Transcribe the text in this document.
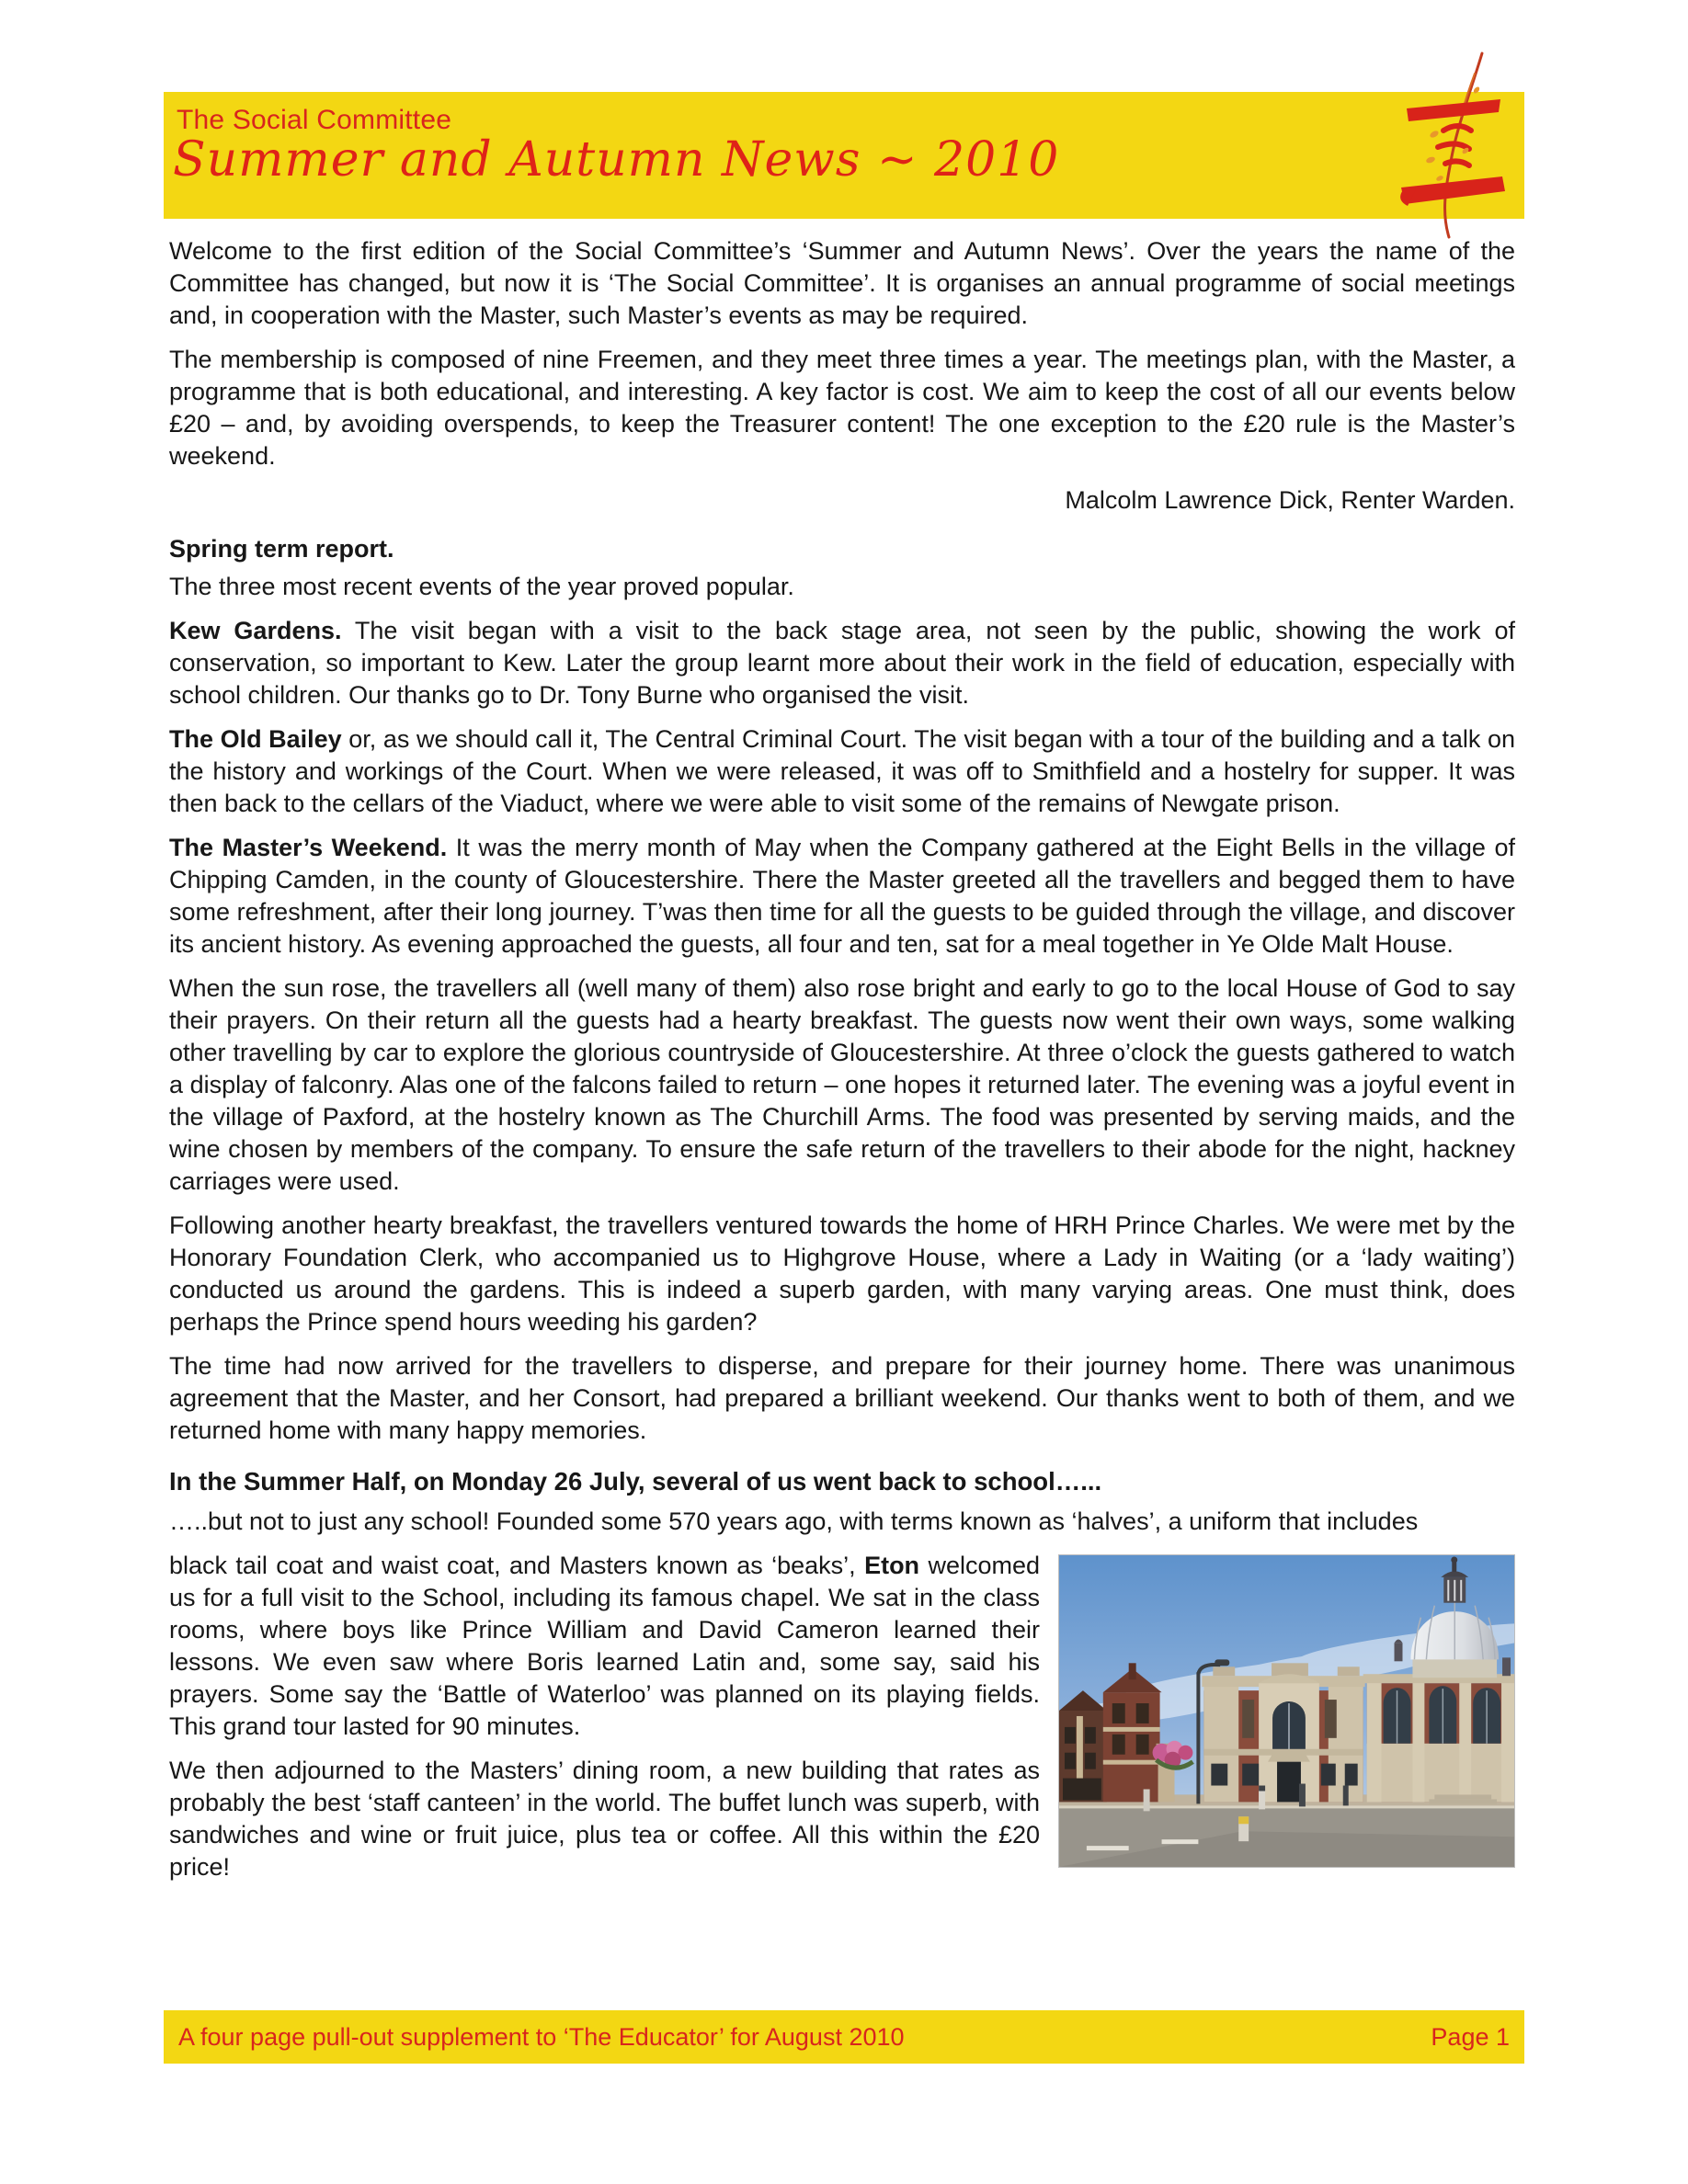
The Social Committee
Summer and Autumn News ~ 2010

Welcome to the first edition of the Social Committee’s ‘Summer and Autumn News’. Over the years the name of the Committee has changed, but now it is ‘The Social Committee’. It is organises an annual programme of social meetings and, in cooperation with the Master, such Master’s events as may be required.

The membership is composed of nine Freemen, and they meet three times a year. The meetings plan, with the Master, a programme that is both educational, and interesting. A key factor is cost. We aim to keep the cost of all our events below £20 – and, by avoiding overspends, to keep the Treasurer content! The one exception to the £20 rule is the Master’s weekend.

Malcolm Lawrence Dick, Renter Warden.

Spring term report.

The three most recent events of the year proved popular.

Kew Gardens. The visit began with a visit to the back stage area, not seen by the public, showing the work of conservation, so important to Kew. Later the group learnt more about their work in the field of education, especially with school children. Our thanks go to Dr. Tony Burne who organised the visit.

The Old Bailey or, as we should call it, The Central Criminal Court. The visit began with a tour of the building and a talk on the history and workings of the Court. When we were released, it was off to Smithfield and a hostelry for supper. It was then back to the cellars of the Viaduct, where we were able to visit some of the remains of Newgate prison.

The Master’s Weekend. It was the merry month of May when the Company gathered at the Eight Bells in the village of Chipping Camden, in the county of Gloucestershire. There the Master greeted all the travellers and begged them to have some refreshment, after their long journey. T’was then time for all the guests to be guided through the village, and discover its ancient history. As evening approached the guests, all four and ten, sat for a meal together in Ye Olde Malt House.

When the sun rose, the travellers all (well many of them) also rose bright and early to go to the local House of God to say their prayers. On their return all the guests had a hearty breakfast. The guests now went their own ways, some walking other travelling by car to explore the glorious countryside of Gloucestershire. At three o’clock the guests gathered to watch a display of falconry. Alas one of the falcons failed to return – one hopes it returned later. The evening was a joyful event in the village of Paxford, at the hostelry known as The Churchill Arms. The food was presented by serving maids, and the wine chosen by members of the company. To ensure the safe return of the travellers to their abode for the night, hackney carriages were used.

Following another hearty breakfast, the travellers ventured towards the home of HRH Prince Charles. We were met by the Honorary Foundation Clerk, who accompanied us to Highgrove House, where a Lady in Waiting (or a ‘lady waiting’) conducted us around the gardens. This is indeed a superb garden, with many varying areas. One must think, does perhaps the Prince spend hours weeding his garden?

The time had now arrived for the travellers to disperse, and prepare for their journey home. There was unanimous agreement that the Master, and her Consort, had prepared a brilliant weekend. Our thanks went to both of them, and we returned home with many happy memories.

In the Summer Half, on Monday 26 July, several of us went back to school…...

…..but not to just any school! Founded some 570 years ago, with terms known as ‘halves’, a uniform that includes

black tail coat and waist coat, and Masters known as ‘beaks’, Eton welcomed us for a full visit to the School, including its famous chapel. We sat in the class rooms, where boys like Prince William and David Cameron learned their lessons. We even saw where Boris learned Latin and, some say, said his prayers. Some say the ‘Battle of Waterloo’ was planned on its playing fields. This grand tour lasted for 90 minutes.

We then adjourned to the Masters’ dining room, a new building that rates as probably the best ‘staff canteen’ in the world. The buffet lunch was superb, with sandwiches and wine or fruit juice, plus tea or coffee. All this within the £20 price!

A four page pull-out supplement to ‘The Educator’ for August 2010	Page 1
